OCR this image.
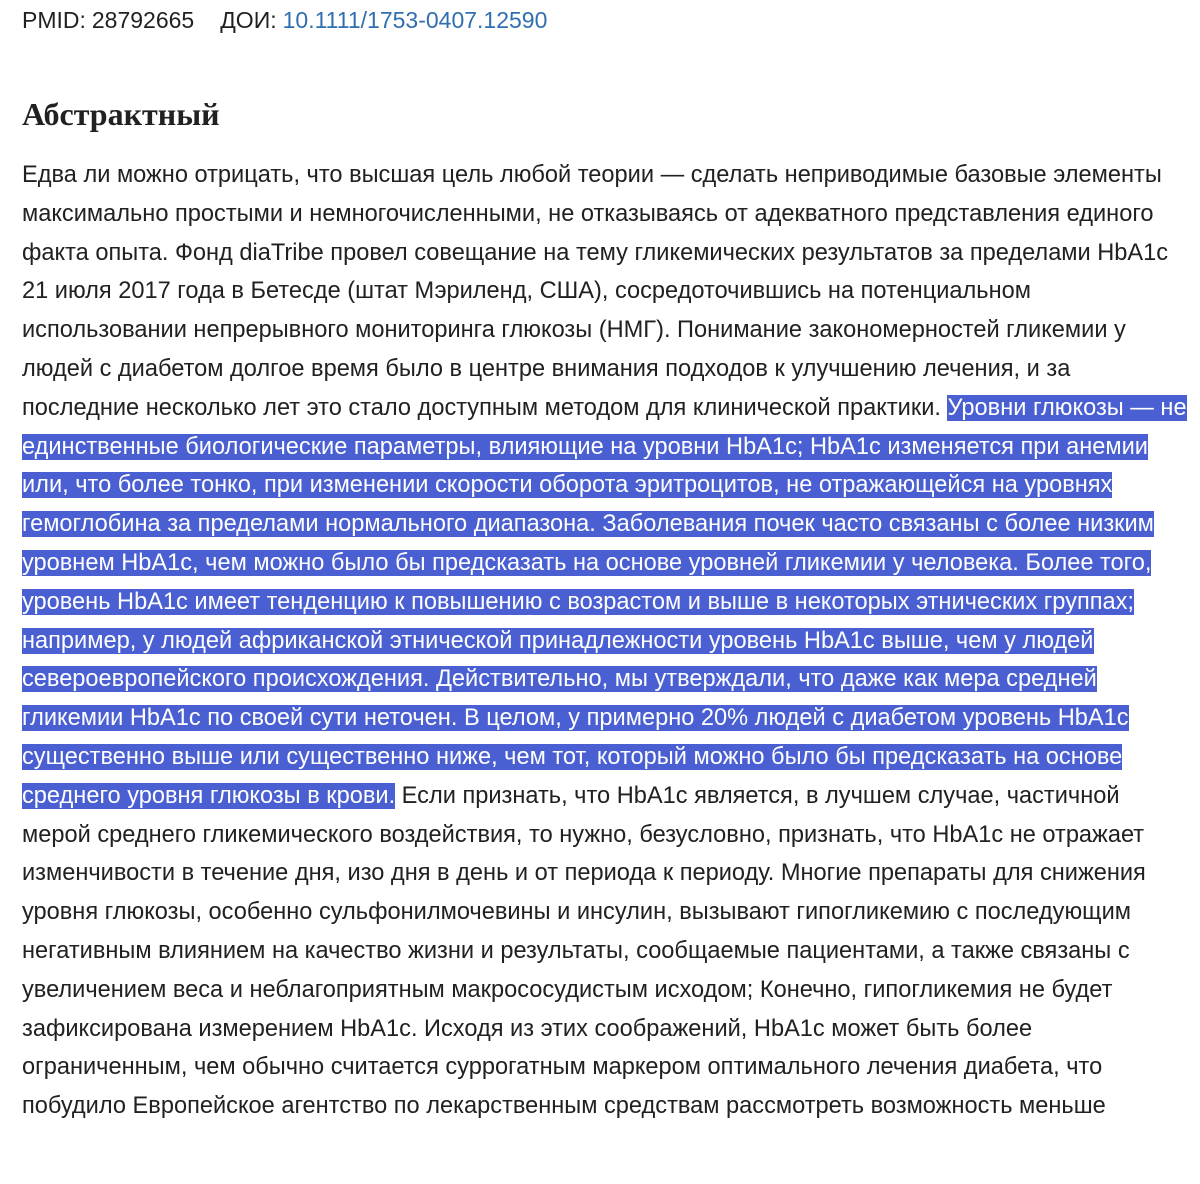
PMID: 28792665 ДОИ: 10.1111/1753-0407.12590
Абстрактный

Едва ли можно отрицать, что высшая цель любой теории — сделать неприводимые базовые элементы максимально простыми и немногочисленными, не отказываясь от адекватного представления единого факта опыта. Фонд diaTribe провел совещание на тему гликемических результатов за пределами HbA1c 21 июля 2017 года в Бетесде (штат Мэриленд, США), сосредоточившись на потенциальном использовании непрерывного мониторинга глюкозы (НМГ). Понимание закономерностей гликемии у людей с диабетом долгое время было в центре внимания подходов к улучшению лечения, и за последние несколько лет это стало доступным методом для клинической практики. Уровни глюкозы — не единственные биологические параметры, влияющие на уровни HbA1c; HbA1c изменяется при анемии или, что более тонко, при изменении скорости оборота эритроцитов, не отражающейся на уровнях гемоглобина за пределами нормального диапазона. Заболевания почек часто связаны с более низким уровнем HbA1c, чем можно было бы предсказать на основе уровней гликемии у человека. Более того, уровень HbA1c имеет тенденцию к повышению с возрастом и выше в некоторых этнических группах; например, у людей африканской этнической принадлежности уровень HbA1c выше, чем у людей североевропейского происхождения. Действительно, мы утверждали, что даже как мера средней гликемии HbA1c по своей сути неточен. В целом, у примерно 20% людей с диабетом уровень HbA1c существенно выше или существенно ниже, чем тот, который можно было бы предсказать на основе среднего уровня глюкозы в крови. Если признать, что HbA1c является, в лучшем случае, частичной мерой среднего гликемического воздействия, то нужно, безусловно, признать, что HbA1c не отражает изменчивости в течение дня, изо дня в день и от периода к периоду. Многие препараты для снижения уровня глюкозы, особенно сульфонилмочевины и инсулин, вызывают гипогликемию с последующим негативным влиянием на качество жизни и результаты, сообщаемые пациентами, а также связаны с увеличением веса и неблагоприятным макрососудистым исходом; Конечно, гипогликемия не будет зафиксирована измерением HbA1c. Исходя из этих соображений, HbA1c может быть более ограниченным, чем обычно считается суррогатным маркером оптимального лечения диабета, что побудило Европейское агентство по лекарственным средствам рассмотреть возможность меньше
